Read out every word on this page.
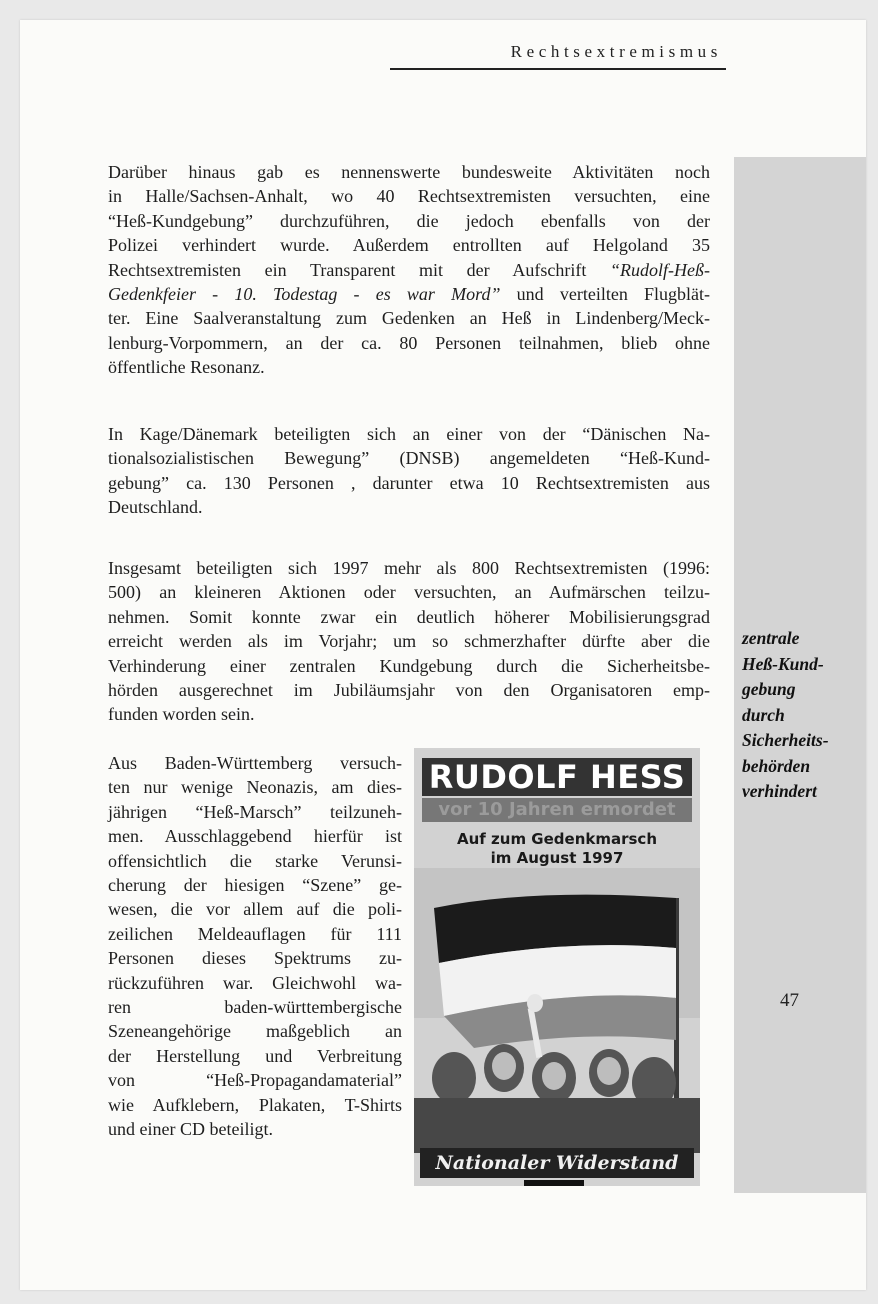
Rechtsextremismus
zentrale
Heß-Kund-
gebung
durch
Sicherheits-
behörden
verhindert
Darüber hinaus gab es nennenswerte bundesweite Aktivitäten noch
in Halle/Sachsen-Anhalt, wo 40 Rechtsextremisten versuchten, eine
“Heß-Kundgebung” durchzuführen, die jedoch ebenfalls von der
Polizei verhindert wurde. Außerdem entrollten auf Helgoland 35
Rechtsextremisten ein Transparent mit der Aufschrift “Rudolf-Heß-
Gedenkfeier - 10. Todestag - es war Mord” und verteilten Flugblät-
ter. Eine Saalveranstaltung zum Gedenken an Heß in Lindenberg/Meck-
lenburg-Vorpommern, an der ca. 80 Personen teilnahmen, blieb ohne
öffentliche Resonanz.
In Kage/Dänemark beteiligten sich an einer von der “Dänischen Na-
tionalsozialistischen Bewegung” (DNSB) angemeldeten “Heß-Kund-
gebung” ca. 130 Personen , darunter etwa 10 Rechtsextremisten aus
Deutschland.
Insgesamt beteiligten sich 1997 mehr als 800 Rechtsextremisten (1996:
500) an kleineren Aktionen oder versuchten, an Aufmärschen teilzu-
nehmen. Somit konnte zwar ein deutlich höherer Mobilisierungsgrad
erreicht werden als im Vorjahr; um so schmerzhafter dürfte aber die
Verhinderung einer zentralen Kundgebung durch die Sicherheitsbe-
hörden ausgerechnet im Jubiläumsjahr von den Organisatoren emp-
funden worden sein.
Aus Baden-Württemberg versuch-
ten nur wenige Neonazis, am dies-
jährigen “Heß-Marsch” teilzuneh-
men. Ausschlaggebend hierfür ist
offensichtlich die starke Verunsi-
cherung der hiesigen “Szene” ge-
wesen, die vor allem auf die poli-
zeilichen Meldeauflagen für 111
Personen dieses Spektrums zu-
rückzuführen war. Gleichwohl wa-
ren baden-württembergische
Szeneangehörige maßgeblich an
der Herstellung und Verbreitung
von “Heß-Propagandamaterial”
wie Aufklebern, Plakaten, T-Shirts
und einer CD beteiligt.
RUDOLF HESS
vor 10 Jahren ermordet
Auf zum Gedenkmarsch
im August 1997
Nationaler Widerstand
47
